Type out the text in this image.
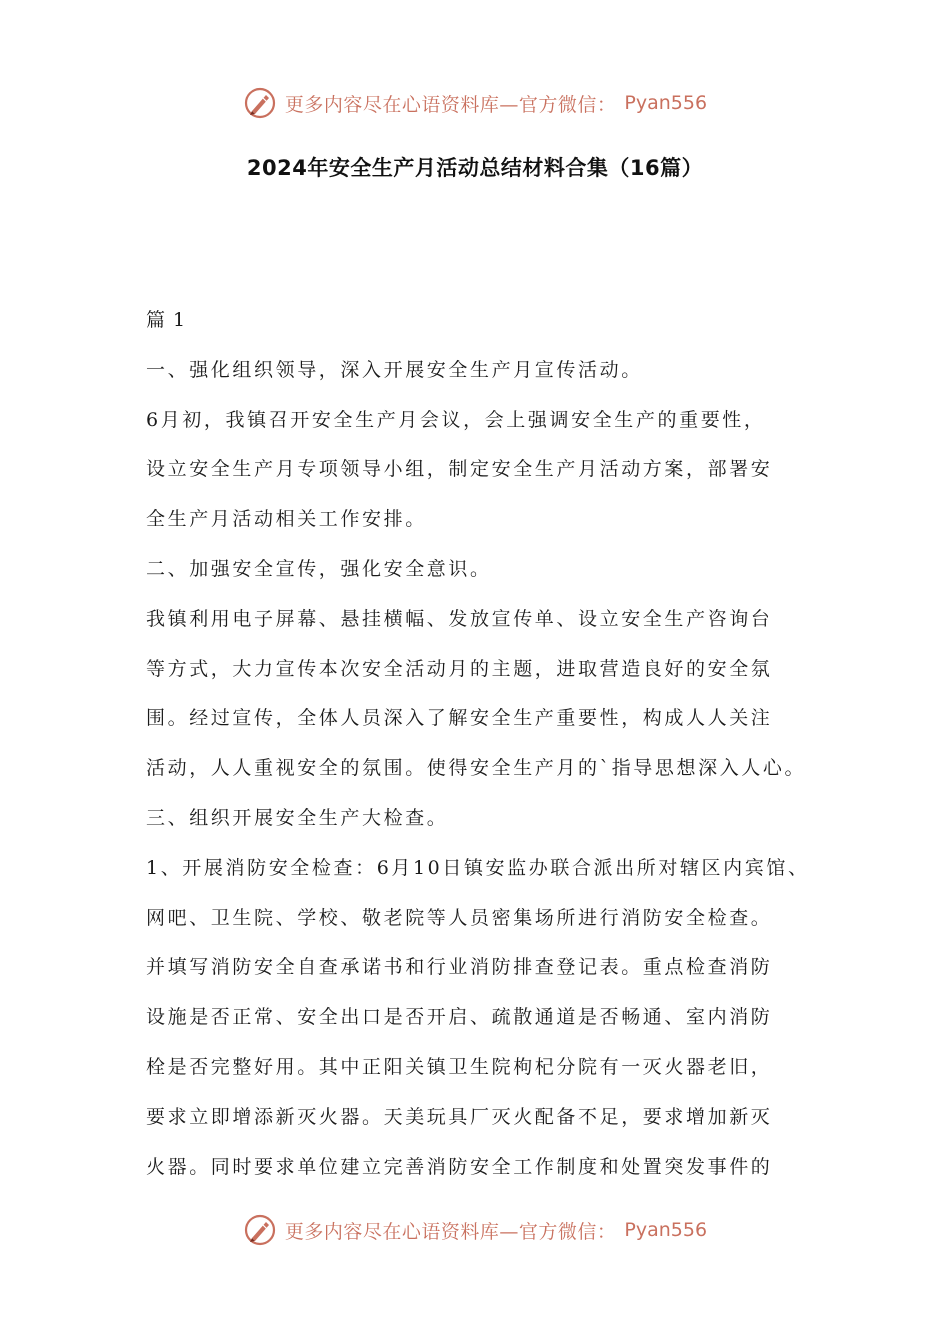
更多内容尽在心语资料库—官方微信： Pyan556
2024年安全生产月活动总结材料合集（16篇）
篇 1
一、强化组织领导，深入开展安全生产月宣传活动。
6月初，我镇召开安全生产月会议，会上强调安全生产的重要性，
设立安全生产月专项领导小组，制定安全生产月活动方案，部署安
全生产月活动相关工作安排。
二、加强安全宣传，强化安全意识。
我镇利用电子屏幕、悬挂横幅、发放宣传单、设立安全生产咨询台
等方式，大力宣传本次安全活动月的主题，进取营造良好的安全氛
围。经过宣传，全体人员深入了解安全生产重要性，构成人人关注
活动，人人重视安全的氛围。使得安全生产月的`指导思想深入人心。
三、组织开展安全生产大检查。
1、开展消防安全检查：6月10日镇安监办联合派出所对辖区内宾馆、
网吧、卫生院、学校、敬老院等人员密集场所进行消防安全检查。
并填写消防安全自查承诺书和行业消防排查登记表。重点检查消防
设施是否正常、安全出口是否开启、疏散通道是否畅通、室内消防
栓是否完整好用。其中正阳关镇卫生院枸杞分院有一灭火器老旧，
要求立即增添新灭火器。天美玩具厂灭火配备不足，要求增加新灭
火器。同时要求单位建立完善消防安全工作制度和处置突发事件的
更多内容尽在心语资料库—官方微信： Pyan556
